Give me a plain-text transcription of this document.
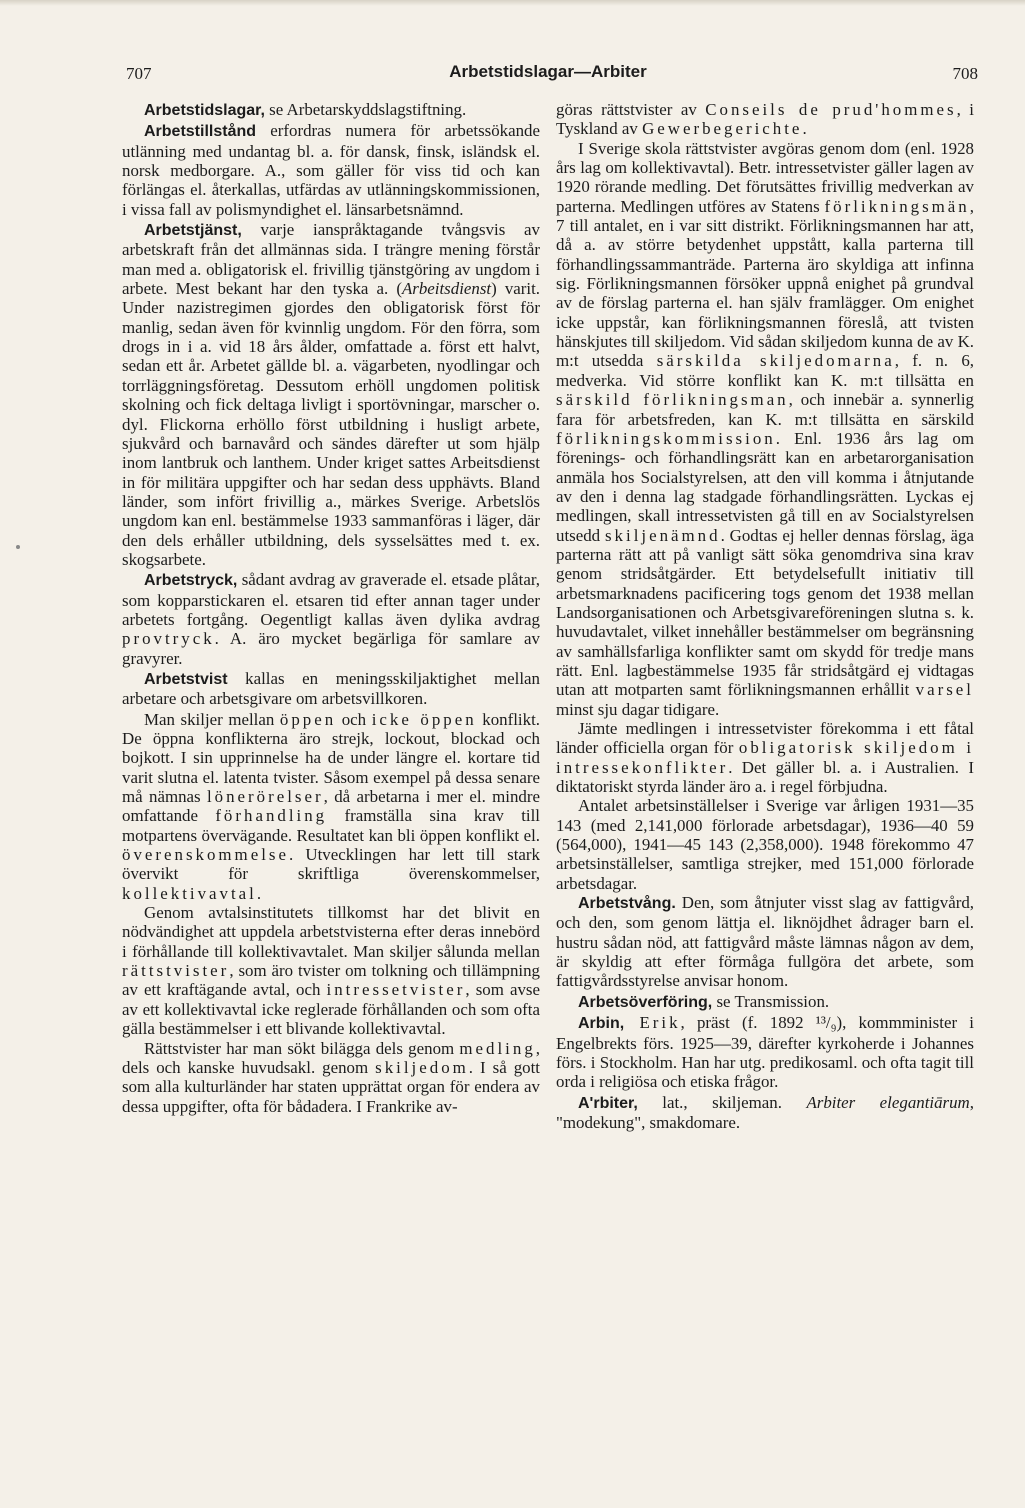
707	Arbetstidslagar—Arbiter	708

Arbetstidslagar, se Arbetarskyddslagstiftning.

Arbetstillstånd erfordras numera för arbetssökande utlänning med undantag bl. a. för dansk, finsk, isländsk el. norsk medborgare. A., som gäller för viss tid och kan förlängas el. återkallas, utfärdas av utlänningskommissionen, i vissa fall av polismyndighet el. länsarbetsnämnd.

Arbetstjänst, varje ianspråktagande tvångsvis av arbetskraft från det allmännas sida. I trängre mening förstår man med a. obligatorisk el. frivillig tjänstgöring av ungdom i arbete. Mest bekant har den tyska a. (Arbeitsdienst) varit. Under nazistregimen gjordes den obligatorisk först för manlig, sedan även för kvinnlig ungdom. För den förra, som drogs in i a. vid 18 års ålder, omfattade a. först ett halvt, sedan ett år. Arbetet gällde bl. a. vägarbeten, nyodlingar och torrläggningsföretag. Dessutom erhöll ungdomen politisk skolning och fick deltaga livligt i sportövningar, marscher o. dyl. Flickorna erhöllo först utbildning i husligt arbete, sjukvård och barnavård och sändes därefter ut som hjälp inom lantbruk och lanthem. Under kriget sattes Arbeitsdienst in för militära uppgifter och har sedan dess upphävts. Bland länder, som infört frivillig a., märkes Sverige. Arbetslös ungdom kan enl. bestämmelse 1933 sammanföras i läger, där den dels erhåller utbildning, dels sysselsättes med t. ex. skogsarbete.

Arbetstryck, sådant avdrag av graverade el. etsade plåtar, som kopparstickaren el. etsaren tid efter annan tager under arbetets fortgång. Oegentligt kallas även dylika avdrag provtryck. A. äro mycket begärliga för samlare av gravyrer.

Arbetstvist kallas en meningsskiljaktighet mellan arbetare och arbetsgivare om arbetsvillkoren.

Man skiljer mellan öppen och icke öppen konflikt. De öppna konflikterna äro strejk, lockout, blockad och bojkott. I sin upprinnelse ha de under längre el. kortare tid varit slutna el. latenta tvister. Såsom exempel på dessa senare må nämnas lönerörelser, då arbetarna i mer el. mindre omfattande förhandling framställa sina krav till motpartens övervägande. Resultatet kan bli öppen konflikt el. överenskommelse. Utvecklingen har lett till stark övervikt för skriftliga överenskommelser, kollektivavtal.

Genom avtalsinstitutets tillkomst har det blivit en nödvändighet att uppdela arbetstvisterna efter deras innebörd i förhållande till kollektivavtalet. Man skiljer sålunda mellan rättstvister, som äro tvister om tolkning och tillämpning av ett kraftägande avtal, och intressetvister, som avse av ett kollektivavtal icke reglerade förhållanden och som ofta gälla bestämmelser i ett blivande kollektivavtal.

Rättstvister har man sökt bilägga dels genom medling, dels och kanske huvudsakl. genom skiljedom. I så gott som alla kulturländer har staten upprättat organ för endera av dessa uppgifter, ofta för bådadera. I Frankrike av-

göras rättstvister av Conseils de prud'hommes, i Tyskland av Gewerbegerichte.

I Sverige skola rättstvister avgöras genom dom (enl. 1928 års lag om kollektivavtal). Betr. intressetvister gäller lagen av 1920 rörande medling. Det förutsättes frivillig medverkan av parterna. Medlingen utföres av Statens förlikningsmän, 7 till antalet, en i var sitt distrikt. Förlikningsmannen har att, då a. av större betydenhet uppstått, kalla parterna till förhandlingssammanträde. Parterna äro skyldiga att infinna sig. Förlikningsmannen försöker uppnå enighet på grundval av de förslag parterna el. han själv framlägger. Om enighet icke uppstår, kan förlikningsmannen föreslå, att tvisten hänskjutes till skiljedom. Vid sådan skiljedom kunna de av K. m:t utsedda särskilda skiljedomarna, f. n. 6, medverka. Vid större konflikt kan K. m:t tillsätta en särskild förlikningsman, och innebär a. synnerlig fara för arbetsfreden, kan K. m:t tillsätta en särskild förlikningskommission. Enl. 1936 års lag om förenings- och förhandlingsrätt kan en arbetarorganisation anmäla hos Socialstyrelsen, att den vill komma i åtnjutande av den i denna lag stadgade förhandlingsrätten. Lyckas ej medlingen, skall intressetvisten gå till en av Socialstyrelsen utsedd skiljenämnd. Godtas ej heller dennas förslag, äga parterna rätt att på vanligt sätt söka genomdriva sina krav genom stridsåtgärder. Ett betydelsefullt initiativ till arbetsmarknadens pacificering togs genom det 1938 mellan Landsorganisationen och Arbetsgivareföreningen slutna s. k. huvudavtalet, vilket innehåller bestämmelser om begränsning av samhällsfarliga konflikter samt om skydd för tredje mans rätt. Enl. lagbestämmelse 1935 får stridsåtgärd ej vidtagas utan att motparten samt förlikningsmannen erhållit varsel minst sju dagar tidigare.

Jämte medlingen i intressetvister förekomma i ett fåtal länder officiella organ för obligatorisk skiljedom i intressekonflikter. Det gäller bl. a. i Australien. I diktatoriskt styrda länder äro a. i regel förbjudna.

Antalet arbetsinställelser i Sverige var årligen 1931—35 143 (med 2,141,000 förlorade arbetsdagar), 1936—40 59 (564,000), 1941—45 143 (2,358,000). 1948 förekommo 47 arbetsinställelser, samtliga strejker, med 151,000 förlorade arbetsdagar.

Arbetstvång. Den, som åtnjuter visst slag av fattigvård, och den, som genom lättja el. liknöjdhet ådrager barn el. hustru sådan nöd, att fattigvård måste lämnas någon av dem, är skyldig att efter förmåga fullgöra det arbete, som fattigvårdsstyrelse anvisar honom.

Arbetsöverföring, se Transmission.

Arbin, Erik, präst (f. 1892 ¹³/₉), kommminister i Engelbrekts förs. 1925—39, därefter kyrkoherde i Johannes förs. i Stockholm. Han har utg. predikosaml. och ofta tagit till orda i religiösa och etiska frågor.

A'rbiter, lat., skiljeman. Arbiter elegantiārum, "modekung", smakdomare.
